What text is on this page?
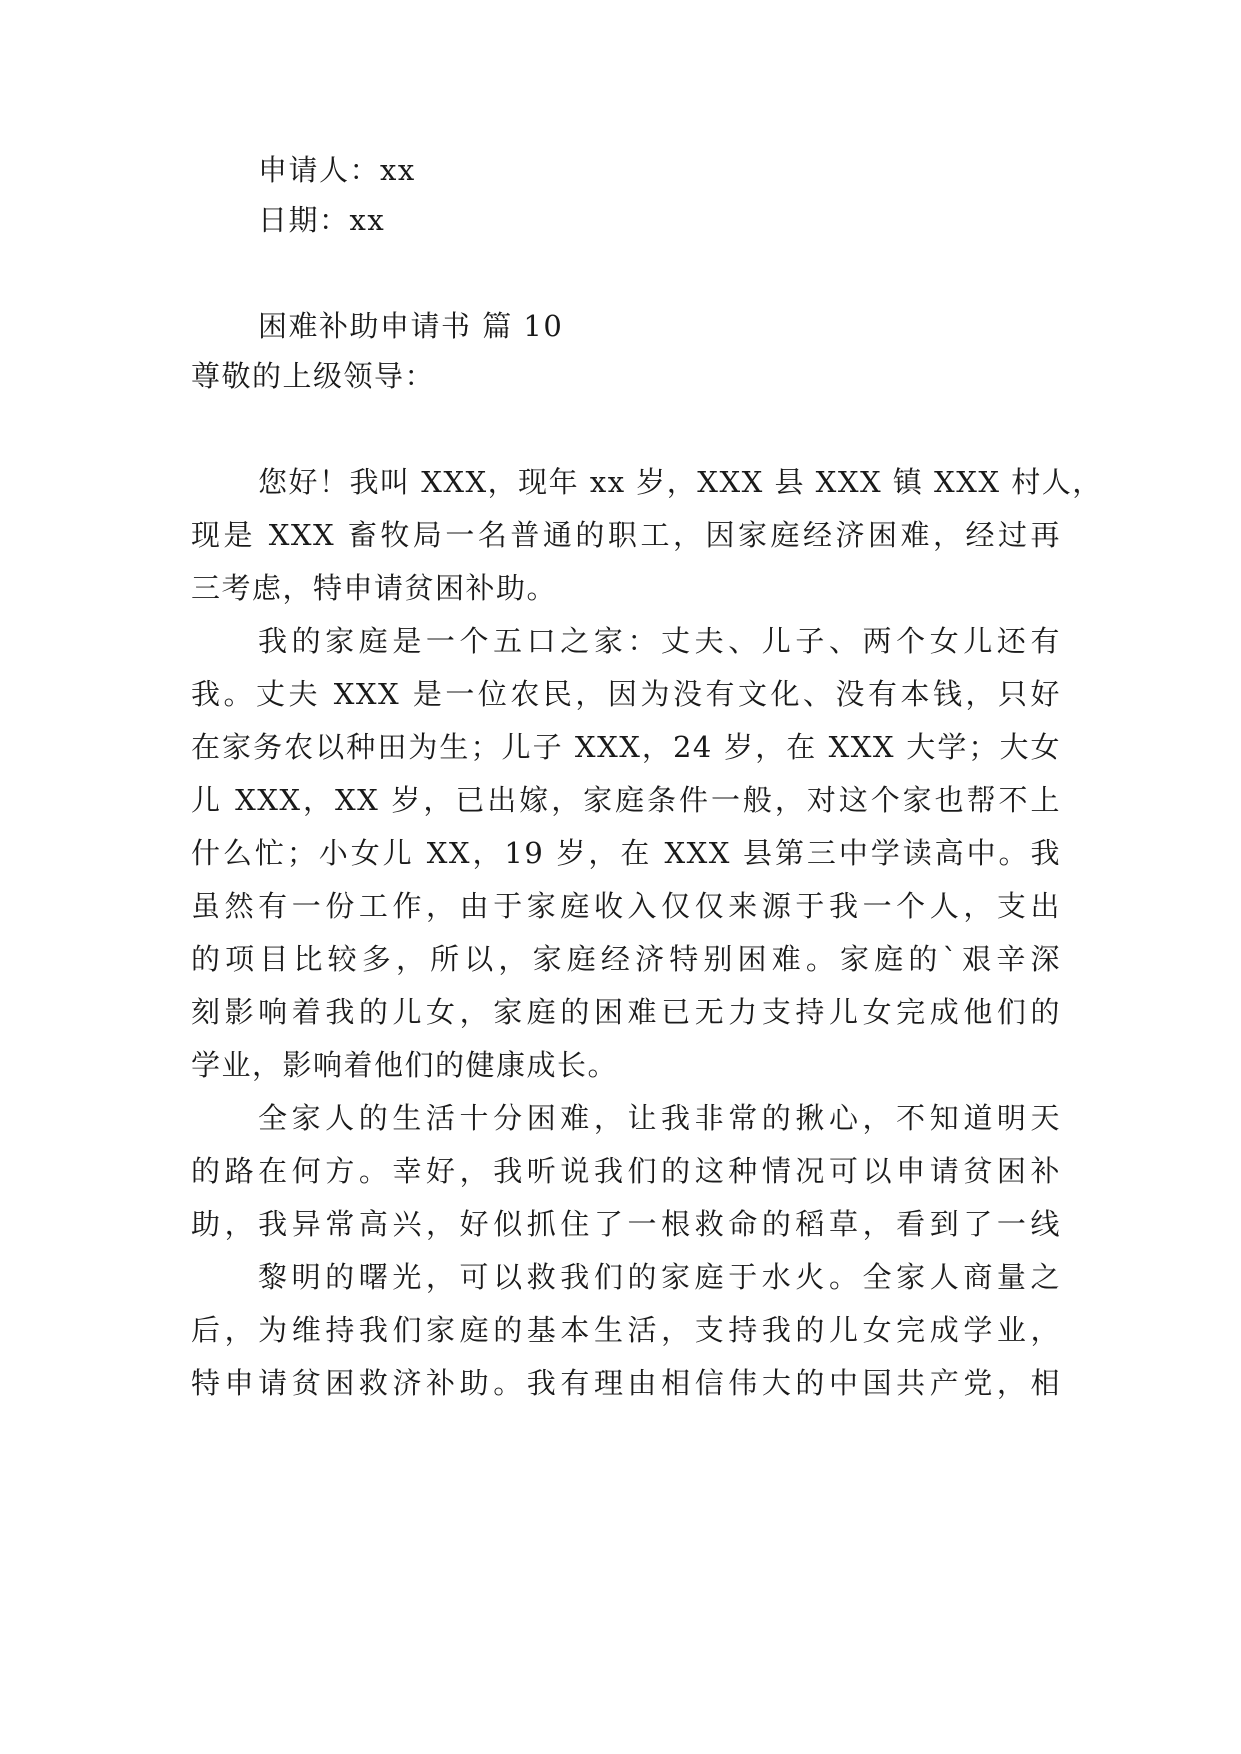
申请人：xx
日期：xx
困难补助申请书 篇 10
尊敬的上级领导：
您好！我叫 XXX，现年 xx 岁，XXX 县 XXX 镇 XXX 村人，
现是 XXX 畜牧局一名普通的职工，因家庭经济困难，经过再
三考虑，特申请贫困补助。
我的家庭是一个五口之家：丈夫、儿子、两个女儿还有
我。丈夫 XXX 是一位农民，因为没有文化、没有本钱，只好
在家务农以种田为生；儿子 XXX，24 岁，在 XXX 大学；大女
儿 XXX，XX 岁，已出嫁，家庭条件一般，对这个家也帮不上
什么忙；小女儿 XX，19 岁，在 XXX 县第三中学读高中。我
虽然有一份工作，由于家庭收入仅仅来源于我一个人，支出
的项目比较多，所以，家庭经济特别困难。家庭的`艰辛深
刻影响着我的儿女，家庭的困难已无力支持儿女完成他们的
学业，影响着他们的健康成长。
全家人的生活十分困难，让我非常的揪心，不知道明天
的路在何方。幸好，我听说我们的这种情况可以申请贫困补
助，我异常高兴，好似抓住了一根救命的稻草，看到了一线
黎明的曙光，可以救我们的家庭于水火。全家人商量之
后，为维持我们家庭的基本生活，支持我的儿女完成学业，
特申请贫困救济补助。我有理由相信伟大的中国共产党，相
